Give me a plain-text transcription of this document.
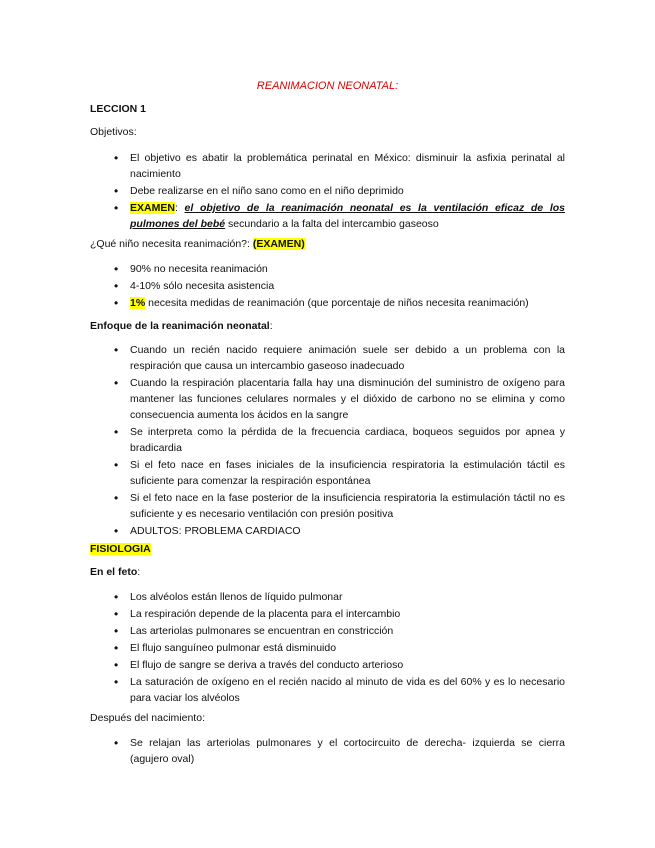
REANIMACION NEONATAL:

LECCION 1

Objetivos:

• El objetivo es abatir la problemática perinatal en México: disminuir la asfixia perinatal al nacimiento
• Debe realizarse en el niño sano como en el niño deprimido
• EXAMEN: el objetivo de la reanimación neonatal es la ventilación eficaz de los pulmones del bebé secundario a la falta del intercambio gaseoso

¿Qué niño necesita reanimación?: (EXAMEN)

• 90% no necesita reanimación
• 4-10% sólo necesita asistencia
• 1% necesita medidas de reanimación (que porcentaje de niños necesita reanimación)

Enfoque de la reanimación neonatal:

• Cuando un recién nacido requiere animación suele ser debido a un problema con la respiración que causa un intercambio gaseoso inadecuado
• Cuando la respiración placentaria falla hay una disminución del suministro de oxígeno para mantener las funciones celulares normales y el dióxido de carbono no se elimina y como consecuencia aumenta los ácidos en la sangre
• Se interpreta como la pérdida de la frecuencia cardiaca, boqueos seguidos por apnea y bradicardia
• Si el feto nace en fases iniciales de la insuficiencia respiratoria la estimulación táctil es suficiente para comenzar la respiración espontánea
• Si el feto nace en la fase posterior de la insuficiencia respiratoria la estimulación táctil no es suficiente y es necesario ventilación con presión positiva
• ADULTOS: PROBLEMA CARDIACO

FISIOLOGIA

En el feto:

• Los alvéolos están llenos de líquido pulmonar
• La respiración depende de la placenta para el intercambio
• Las arteriolas pulmonares se encuentran en constricción
• El flujo sanguíneo pulmonar está disminuido
• El flujo de sangre se deriva a través del conducto arterioso
• La saturación de oxígeno en el recién nacido al minuto de vida es del 60% y es lo necesario para vaciar los alvéolos

Después del nacimiento:

• Se relajan las arteriolas pulmonares y el cortocircuito de derecha- izquierda se cierra (agujero oval)
